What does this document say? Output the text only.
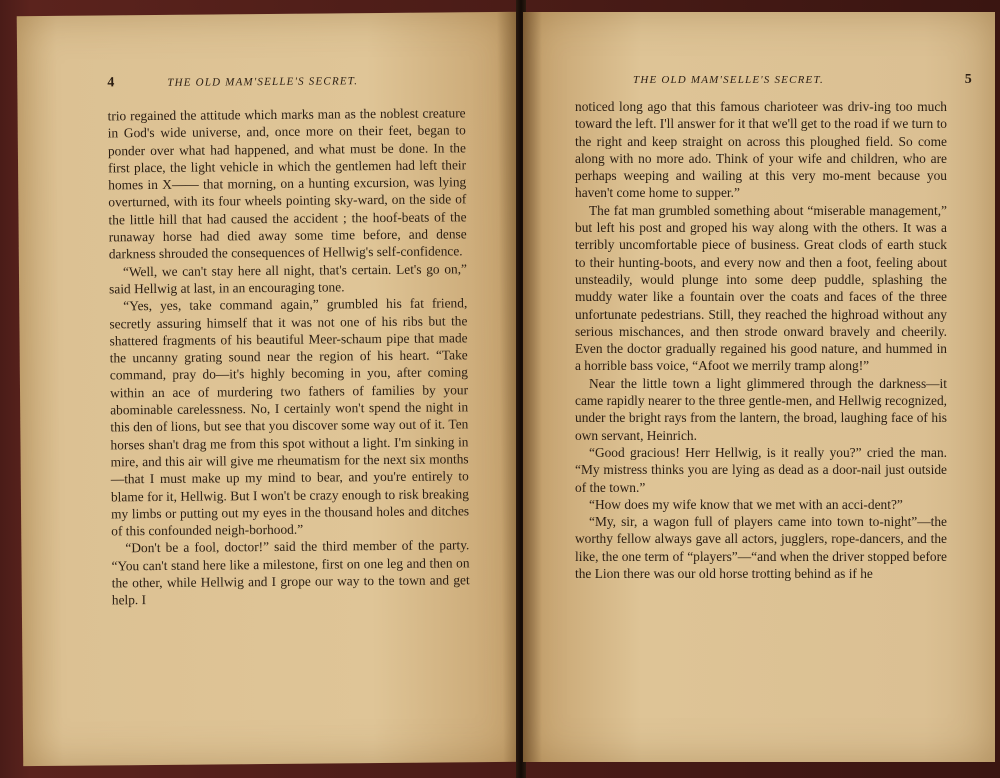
4	THE OLD MAM'SELLE'S SECRET.

trio regained the attitude which marks man as the noblest creature in God's wide universe, and, once more on their feet, began to ponder over what had happened, and what must be done. In the first place, the light vehicle in which the gentlemen had left their homes in X—— that morning, on a hunting excursion, was lying overturned, with its four wheels pointing sky-ward, on the side of the little hill that had caused the accident ; the hoof-beats of the runaway horse had died away some time before, and dense darkness shrouded the consequences of Hellwig's self-confidence.

“Well, we can't stay here all night, that's certain. Let's go on,” said Hellwig at last, in an encouraging tone.

“Yes, yes, take command again,” grumbled his fat friend, secretly assuring himself that it was not one of his ribs but the shattered fragments of his beautiful Meer-schaum pipe that made the uncanny grating sound near the region of his heart. “Take command, pray do—it's highly becoming in you, after coming within an ace of murdering two fathers of families by your abominable carelessness. No, I certainly won't spend the night in this den of lions, but see that you discover some way out of it. Ten horses shan't drag me from this spot without a light. I'm sinking in mire, and this air will give me rheumatism for the next six months—that I must make up my mind to bear, and you're entirely to blame for it, Hellwig. But I won't be crazy enough to risk breaking my limbs or putting out my eyes in the thousand holes and ditches of this confounded neigh-borhood.”

“Don't be a fool, doctor!” said the third member of the party. “You can't stand here like a milestone, first on one leg and then on the other, while Hellwig and I grope our way to the town and get help. I

THE OLD MAM'SELLE'S SECRET.	5

noticed long ago that this famous charioteer was driv-ing too much toward the left. I'll answer for it that we'll get to the road if we turn to the right and keep straight on across this ploughed field. So come along with no more ado. Think of your wife and children, who are perhaps weeping and wailing at this very mo-ment because you haven't come home to supper.”

The fat man grumbled something about “miserable management,” but left his post and groped his way along with the others. It was a terribly uncomfortable piece of business. Great clods of earth stuck to their hunting-boots, and every now and then a foot, feeling about unsteadily, would plunge into some deep puddle, splashing the muddy water like a fountain over the coats and faces of the three unfortunate pedestrians. Still, they reached the highroad without any serious mischances, and then strode onward bravely and cheerily. Even the doctor gradually regained his good nature, and hummed in a horrible bass voice, “Afoot we merrily tramp along!”

Near the little town a light glimmered through the darkness—it came rapidly nearer to the three gentle-men, and Hellwig recognized, under the bright rays from the lantern, the broad, laughing face of his own servant, Heinrich.

“Good gracious! Herr Hellwig, is it really you?” cried the man. “My mistress thinks you are lying as dead as a door-nail just outside of the town.”

“How does my wife know that we met with an acci-dent?”

“My, sir, a wagon full of players came into town to-night”—the worthy fellow always gave all actors, jugglers, rope-dancers, and the like, the one term of “players”—“and when the driver stopped before the Lion there was our old horse trotting behind as if he
